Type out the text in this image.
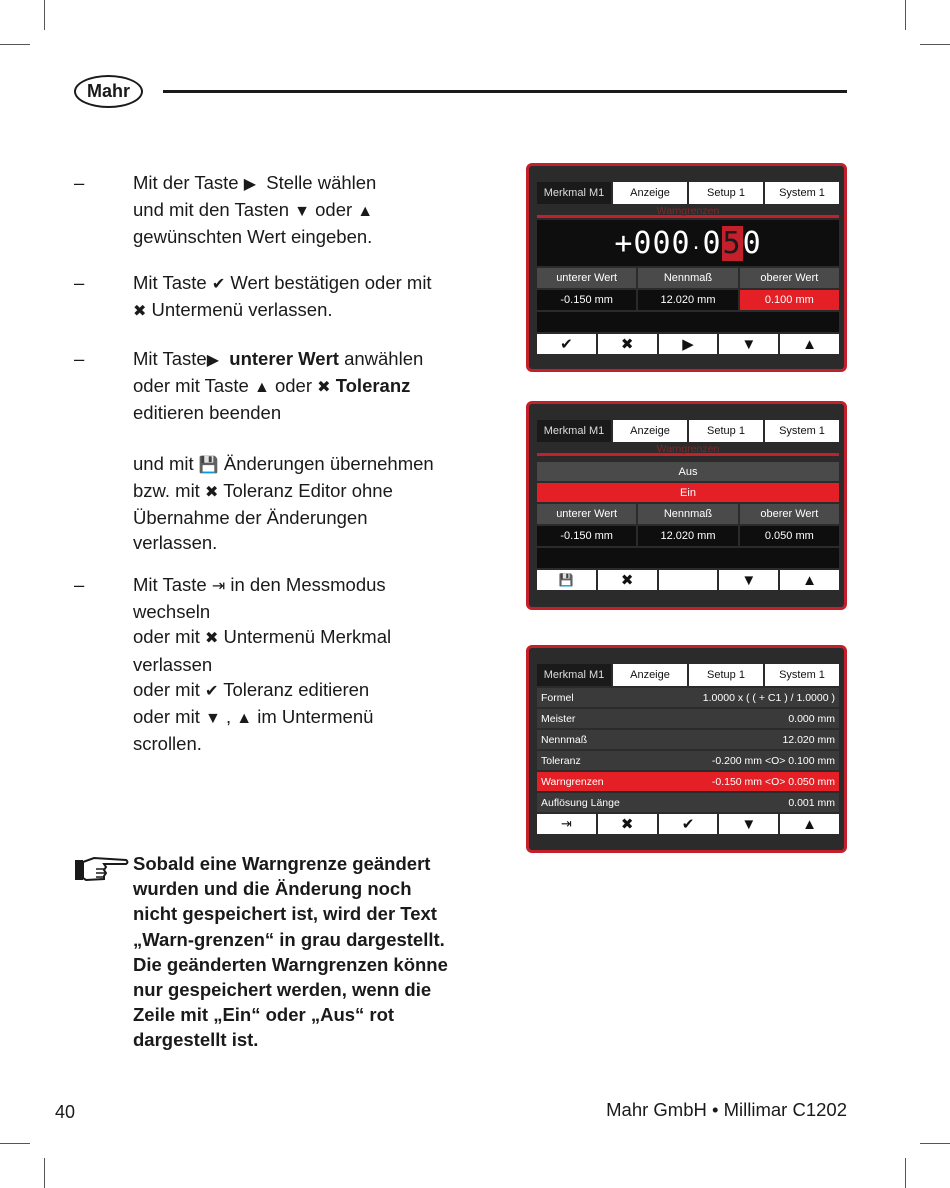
Mahr
–	Mit der Taste ▶ Stelle wählen
und mit den Tasten ▼ oder ▲
gewünschten Wert eingeben.
–	Mit Taste ✔ Wert bestätigen oder mit
✖ Untermenü verlassen.
–	Mit Taste▶ unterer Wert anwählen
oder mit Taste ▲ oder ✖ Toleranz
editieren beenden
und mit 💾 Änderungen übernehmen
bzw. mit ✖ Toleranz Editor ohne
Übernahme der Änderungen
verlassen.
–	Mit Taste ⇥ in den Messmodus
wechseln
oder mit ✖ Untermenü Merkmal
verlassen
oder mit ✔ Toleranz editieren
oder mit ▼ , ▲ im Untermenü
scrollen.
Sobald eine Warngrenze geändert wurden und die Änderung noch nicht gespeichert ist, wird der Text „Warn-grenzen“ in grau dargestellt. Die geänderten Warngrenzen könne nur gespeichert werden, wenn die Zeile mit „Ein“ oder „Aus“ rot dargestellt ist.
40	Mahr GmbH • Millimar C1202
Merkmal M1	Anzeige	Setup 1	System 1
Warngrenzen
+ 0 0 0 . 0 5 0
unterer Wert	Nennmaß	oberer Wert
-0.150 mm	12.020 mm	0.100 mm
✔	✖	▶	▼	▲
Merkmal M1	Anzeige	Setup 1	System 1
Warngrenzen
Aus
Ein
unterer Wert	Nennmaß	oberer Wert
-0.150 mm	12.020 mm	0.050 mm
💾	✖	▼	▲
Merkmal M1	Anzeige	Setup 1	System 1
Formel	1.0000 x ( ( + C1 ) / 1.0000 )
Meister	0.000 mm
Nennmaß	12.020 mm
Toleranz	-0.200 mm <O> 0.100 mm
Warngrenzen	-0.150 mm <O> 0.050 mm
Auflösung Länge	0.001 mm
⇥	✖	✔	▼	▲
